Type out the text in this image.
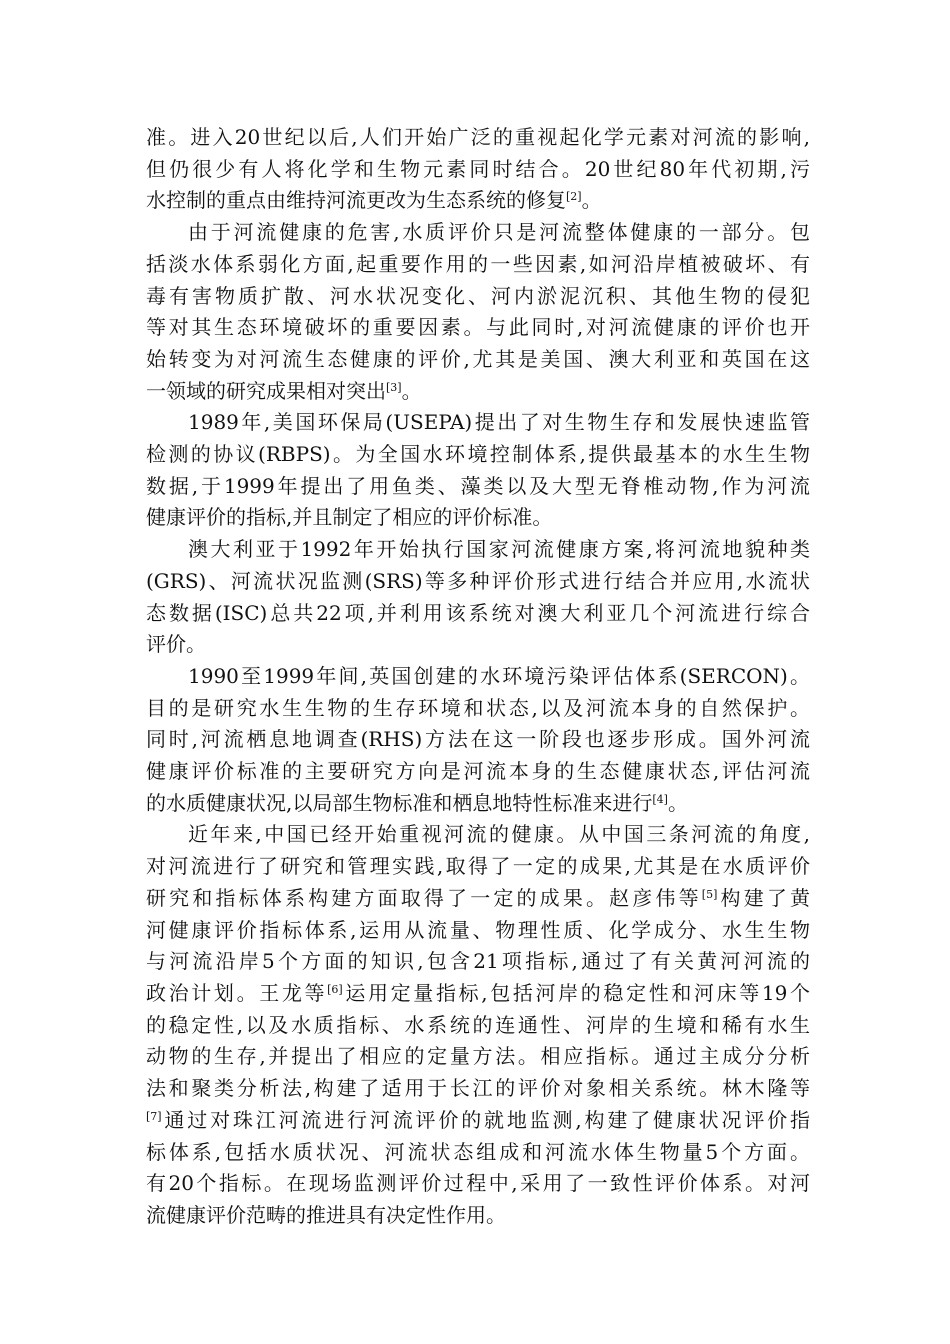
准。进入20世纪以后,人们开始广泛的重视起化学元素对河流的影响,
但仍很少有人将化学和生物元素同时结合。20世纪80年代初期,污
水控制的重点由维持河流更改为生态系统的修复[2]。
由于河流健康的危害,水质评价只是河流整体健康的一部分。包
括淡水体系弱化方面,起重要作用的一些因素,如河沿岸植被破坏、有
毒有害物质扩散、河水状况变化、河内淤泥沉积、其他生物的侵犯
等对其生态环境破坏的重要因素。与此同时,对河流健康的评价也开
始转变为对河流生态健康的评价,尤其是美国、澳大利亚和英国在这
一领域的研究成果相对突出[3]。
1989年,美国环保局(USEPA)提出了对生物生存和发展快速监管
检测的协议(RBPS)。为全国水环境控制体系,提供最基本的水生生物
数据,于1999年提出了用鱼类、藻类以及大型无脊椎动物,作为河流
健康评价的指标,并且制定了相应的评价标准。
澳大利亚于1992年开始执行国家河流健康方案,将河流地貌种类
(GRS)、河流状况监测(SRS)等多种评价形式进行结合并应用,水流状
态数据(ISC)总共22项,并利用该系统对澳大利亚几个河流进行综合
评价。
1990至1999年间,英国创建的水环境污染评估体系(SERCON)。
目的是研究水生生物的生存环境和状态,以及河流本身的自然保护。
同时,河流栖息地调查(RHS)方法在这一阶段也逐步形成。国外河流
健康评价标准的主要研究方向是河流本身的生态健康状态,评估河流
的水质健康状况,以局部生物标准和栖息地特性标准来进行[4]。
近年来,中国已经开始重视河流的健康。从中国三条河流的角度,
对河流进行了研究和管理实践,取得了一定的成果,尤其是在水质评价
研究和指标体系构建方面取得了一定的成果。赵彦伟等[5]构建了黄
河健康评价指标体系,运用从流量、物理性质、化学成分、水生生物
与河流沿岸5个方面的知识,包含21项指标,通过了有关黄河河流的
政治计划。王龙等[6]运用定量指标,包括河岸的稳定性和河床等19个
的稳定性,以及水质指标、水系统的连通性、河岸的生境和稀有水生
动物的生存,并提出了相应的定量方法。相应指标。通过主成分分析
法和聚类分析法,构建了适用于长江的评价对象相关系统。林木隆等
[7]通过对珠江河流进行河流评价的就地监测,构建了健康状况评价指
标体系,包括水质状况、河流状态组成和河流水体生物量5个方面。
有20个指标。在现场监测评价过程中,采用了一致性评价体系。对河
流健康评价范畴的推进具有决定性作用。
